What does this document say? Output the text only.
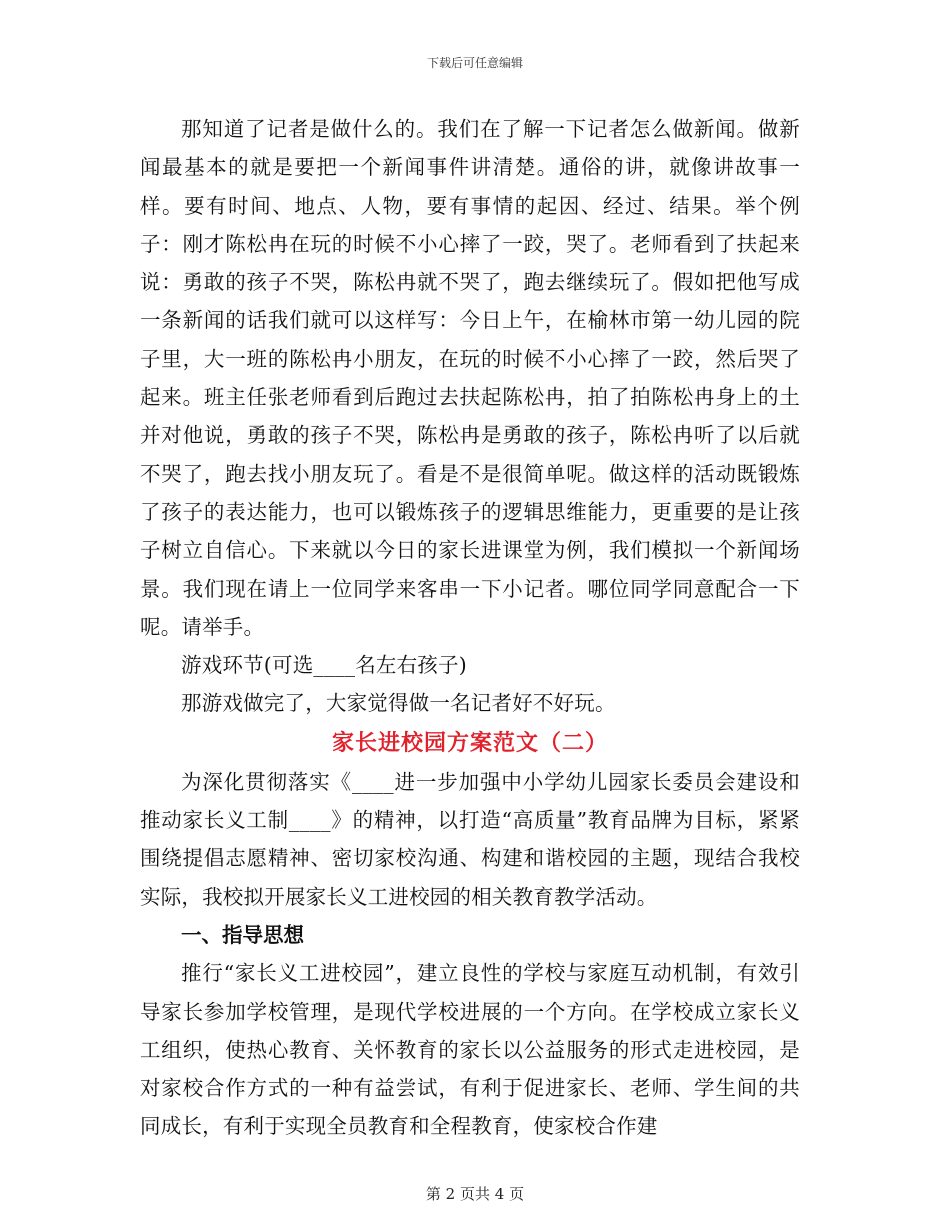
下载后可任意编辑

那知道了记者是做什么的。我们在了解一下记者怎么做新闻。做新闻最基本的就是要把一个新闻事件讲清楚。通俗的讲，就像讲故事一样。要有时间、地点、人物，要有事情的起因、经过、结果。举个例子：刚才陈松冉在玩的时候不小心摔了一跤，哭了。老师看到了扶起来说：勇敢的孩子不哭，陈松冉就不哭了，跑去继续玩了。假如把他写成一条新闻的话我们就可以这样写：今日上午，在榆林市第一幼儿园的院子里，大一班的陈松冉小朋友，在玩的时候不小心摔了一跤，然后哭了起来。班主任张老师看到后跑过去扶起陈松冉，拍了拍陈松冉身上的土并对他说，勇敢的孩子不哭，陈松冉是勇敢的孩子，陈松冉听了以后就不哭了，跑去找小朋友玩了。看是不是很简单呢。做这样的活动既锻炼了孩子的表达能力，也可以锻炼孩子的逻辑思维能力，更重要的是让孩子树立自信心。下来就以今日的家长进课堂为例，我们模拟一个新闻场景。我们现在请上一位同学来客串一下小记者。哪位同学同意配合一下呢。请举手。

游戏环节(可选____名左右孩子)

那游戏做完了，大家觉得做一名记者好不好玩。

家长进校园方案范文（二）

为深化贯彻落实《____进一步加强中小学幼儿园家长委员会建设和推动家长义工制____》的精神，以打造“高质量”教育品牌为目标，紧紧围绕提倡志愿精神、密切家校沟通、构建和谐校园的主题，现结合我校实际，我校拟开展家长义工进校园的相关教育教学活动。

一、指导思想

推行“家长义工进校园”，建立良性的学校与家庭互动机制，有效引导家长参加学校管理，是现代学校进展的一个方向。在学校成立家长义工组织，使热心教育、关怀教育的家长以公益服务的形式走进校园，是对家校合作方式的一种有益尝试，有利于促进家长、老师、学生间的共同成长，有利于实现全员教育和全程教育，使家校合作建

第 2 页共 4 页
